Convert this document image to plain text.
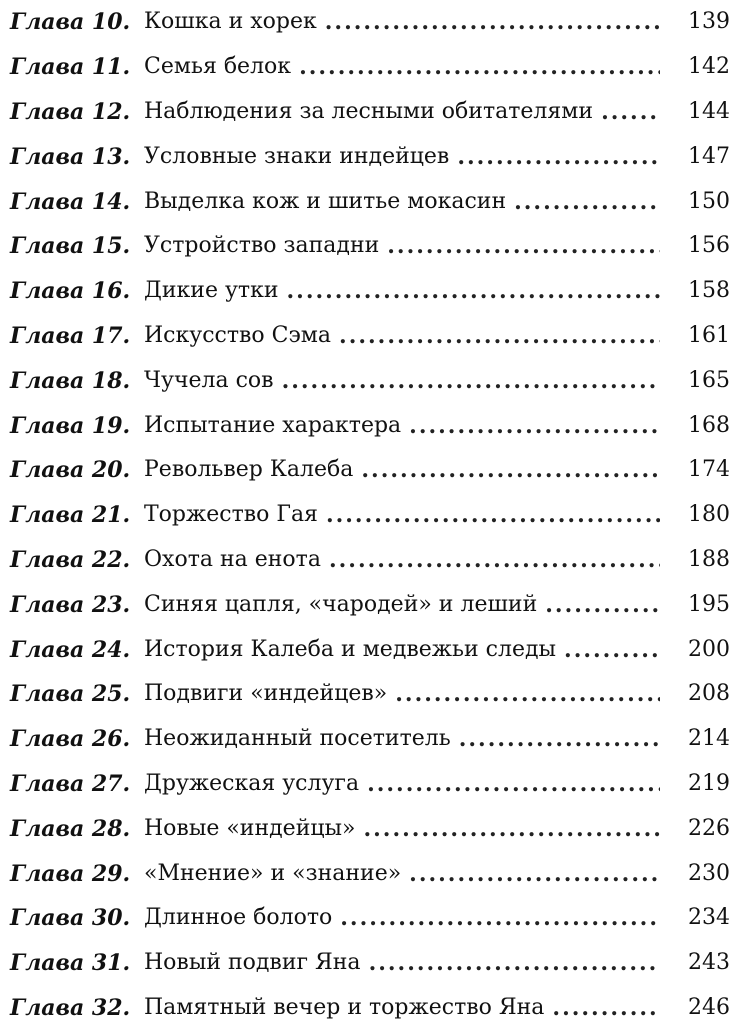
Глава 10. Кошка и хорек .....	139
Глава 11. Семья белок .....	142
Глава 12. Наблюдения за лесными обитателями .....	144
Глава 13. Условные знаки индейцев .....	147
Глава 14. Выделка кож и шитье мокасин .....	150
Глава 15. Устройство западни .....	156
Глава 16. Дикие утки .....	158
Глава 17. Искусство Сэма .....	161
Глава 18. Чучела сов .....	165
Глава 19. Испытание характера .....	168
Глава 20. Револьвер Калеба .....	174
Глава 21. Торжество Гая .....	180
Глава 22. Охота на енота .....	188
Глава 23. Синяя цапля, «чародей» и леший .....	195
Глава 24. История Калеба и медвежьи следы .....	200
Глава 25. Подвиги «индейцев» .....	208
Глава 26. Неожиданный посетитель .....	214
Глава 27. Дружеская услуга .....	219
Глава 28. Новые «индейцы» .....	226
Глава 29. «Мнение» и «знание» .....	230
Глава 30. Длинное болото .....	234
Глава 31. Новый подвиг Яна .....	243
Глава 32. Памятный вечер и торжество Яна .....	246
